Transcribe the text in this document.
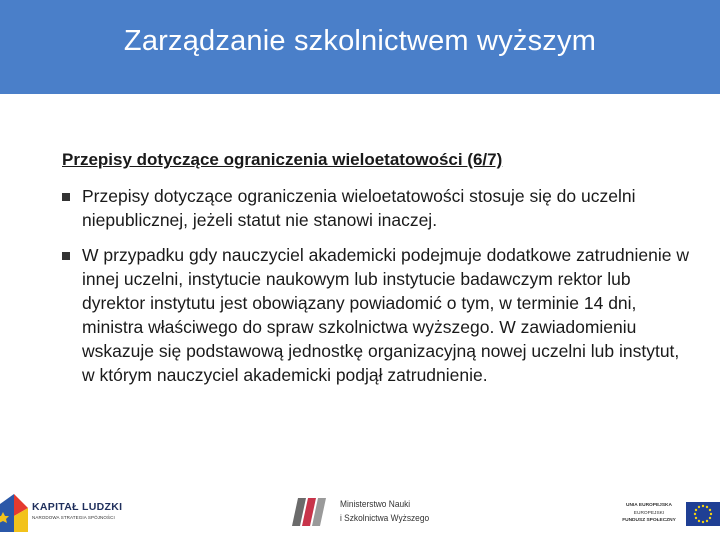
Zarządzanie szkolnictwem wyższym
Przepisy dotyczące ograniczenia wieloetatowości (6/7)
Przepisy dotyczące ograniczenia wieloetatowości stosuje się do uczelni niepublicznej, jeżeli statut nie stanowi inaczej.
W przypadku gdy nauczyciel akademicki podejmuje dodatkowe zatrudnienie w innej uczelni, instytucie naukowym lub instytucie badawczym rektor lub dyrektor instytutu jest obowiązany powiadomić o tym, w terminie 14 dni, ministra właściwego do spraw szkolnictwa wyższego. W zawiadomieniu wskazuje się podstawową jednostkę organizacyjną nowej uczelni lub instytut, w którym nauczyciel akademicki podjął zatrudnienie.
KAPITAŁ LUDZKI
NARODOWA STRATEGIA SPÓJNOŚCI
Ministerstwo Nauki
i Szkolnictwa Wyższego
UNIA EUROPEJSKA
EUROPEJSKI
FUNDUSZ SPOŁECZNY
